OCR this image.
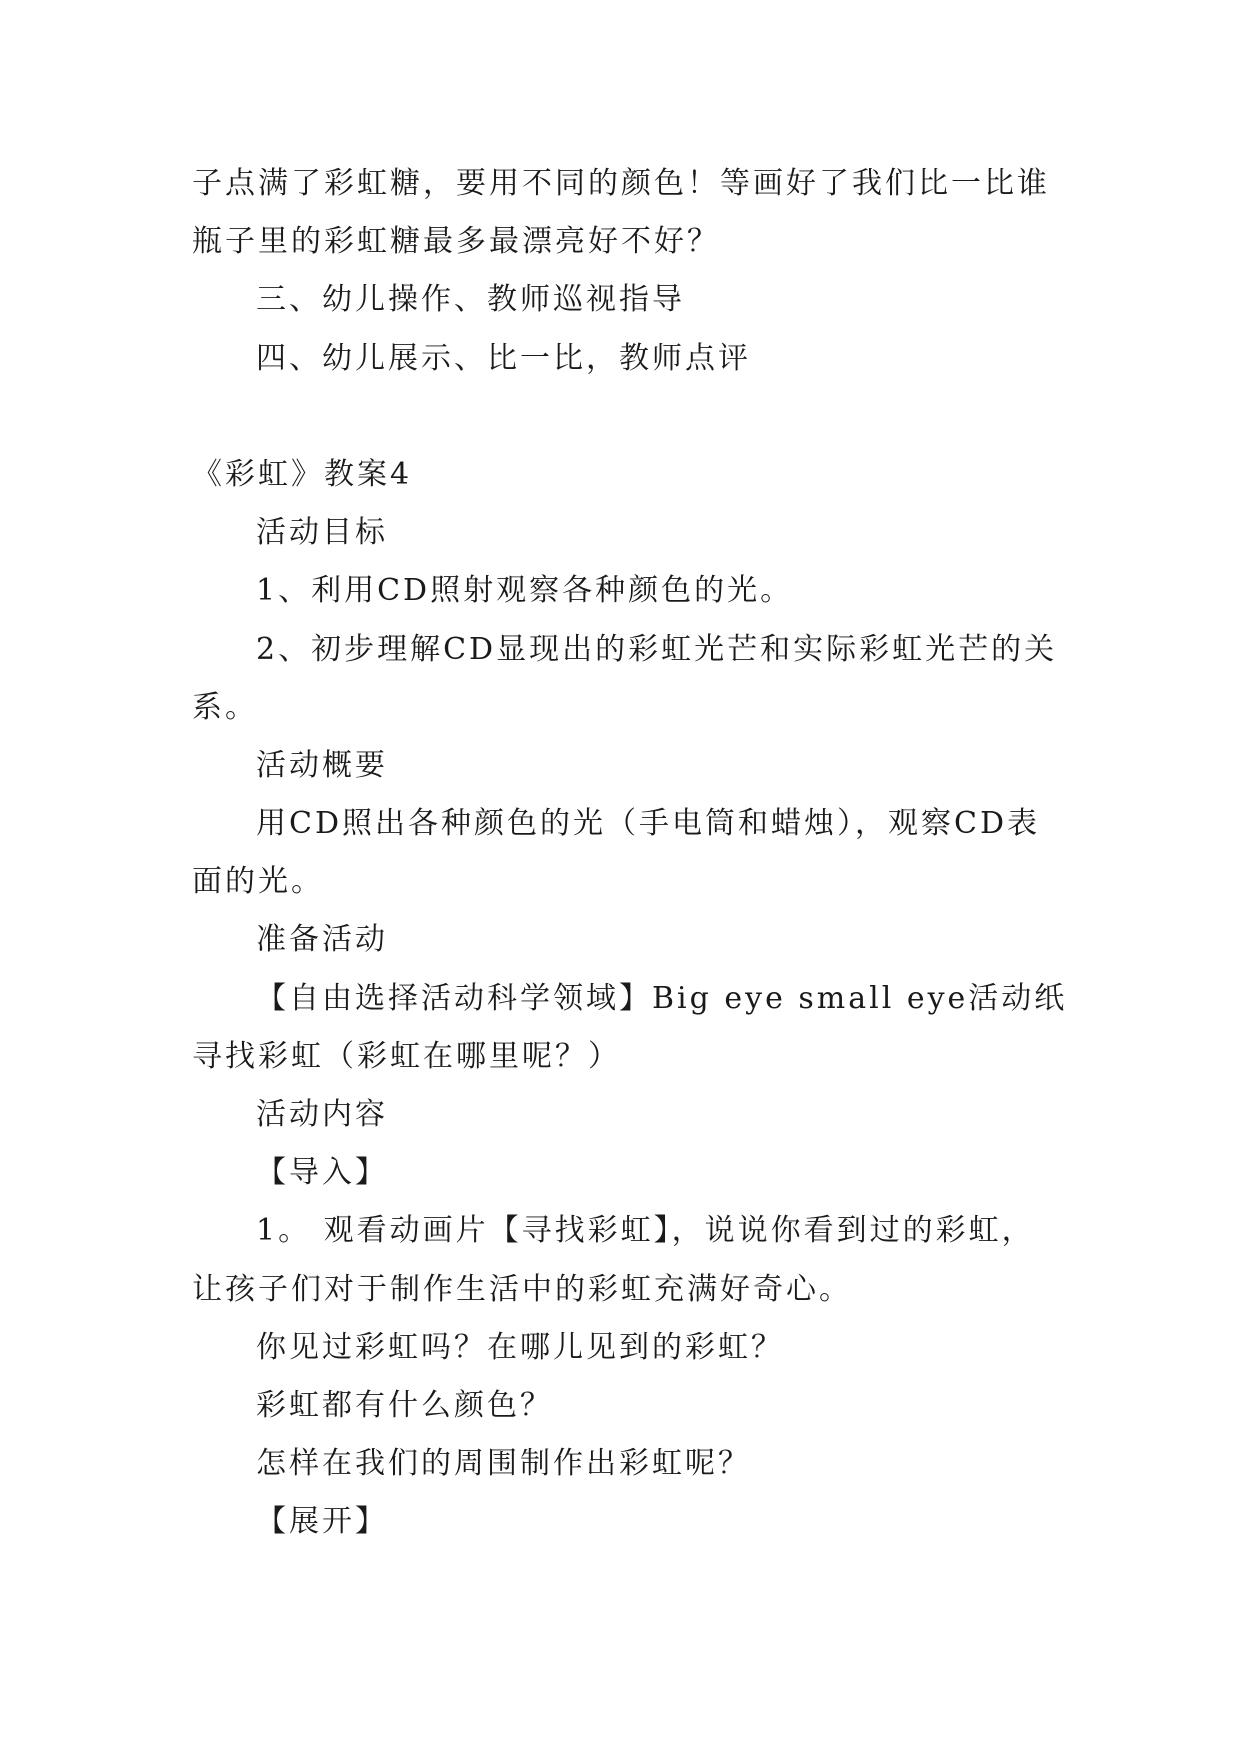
子点满了彩虹糖，要用不同的颜色！等画好了我们比一比谁
瓶子里的彩虹糖最多最漂亮好不好？
三、幼儿操作、教师巡视指导
四、幼儿展示、比一比，教师点评
《彩虹》教案4
活动目标
1、利用CD照射观察各种颜色的光。
2、初步理解CD显现出的彩虹光芒和实际彩虹光芒的关
系。
活动概要
用CD照出各种颜色的光（手电筒和蜡烛），观察CD表
面的光。
准备活动
【自由选择活动科学领域】Big eye small eye活动纸
寻找彩虹（彩虹在哪里呢？）
活动内容
【导入】
1。 观看动画片【寻找彩虹】，说说你看到过的彩虹，
让孩子们对于制作生活中的彩虹充满好奇心。
你见过彩虹吗？在哪儿见到的彩虹？
彩虹都有什么颜色？
怎样在我们的周围制作出彩虹呢？
【展开】
